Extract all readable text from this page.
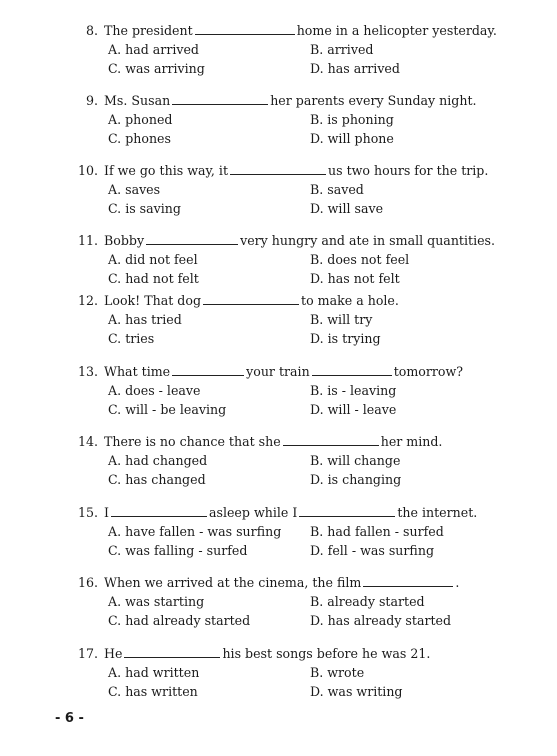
8. The president	home in a helicopter yesterday.
A. had arrived	B. arrived
C. was arriving	D. has arrived
9. Ms. Susan	her parents every Sunday night.
A. phoned	B. is phoning
C. phones	D. will phone
10. If we go this way, it	us two hours for the trip.
A. saves	B. saved
C. is saving	D. will save
11. Bobby	very hungry and ate in small quantities.
A. did not feel	B. does not feel
C. had not felt	D. has not felt
12. Look! That dog	to make a hole.
A. has tried	B. will try
C. tries	D. is trying
13. What time	your train	tomorrow?
A. does - leave	B. is - leaving
C. will - be leaving	D. will - leave
14. There is no chance that she	her mind.
A. had changed	B. will change
C. has changed	D. is changing
15. I	asleep while I	the internet.
A. have fallen - was surfing B. had fallen - surfed
C. was falling - surfed	D. fell - was surfing
16. When we arrived at the cinema, the film	.
A. was starting	B. already started
C. had already started	D. has already started
17. He	his best songs before he was 21.
A. had written	B. wrote
C. has written	D. was writing
- 6 -
